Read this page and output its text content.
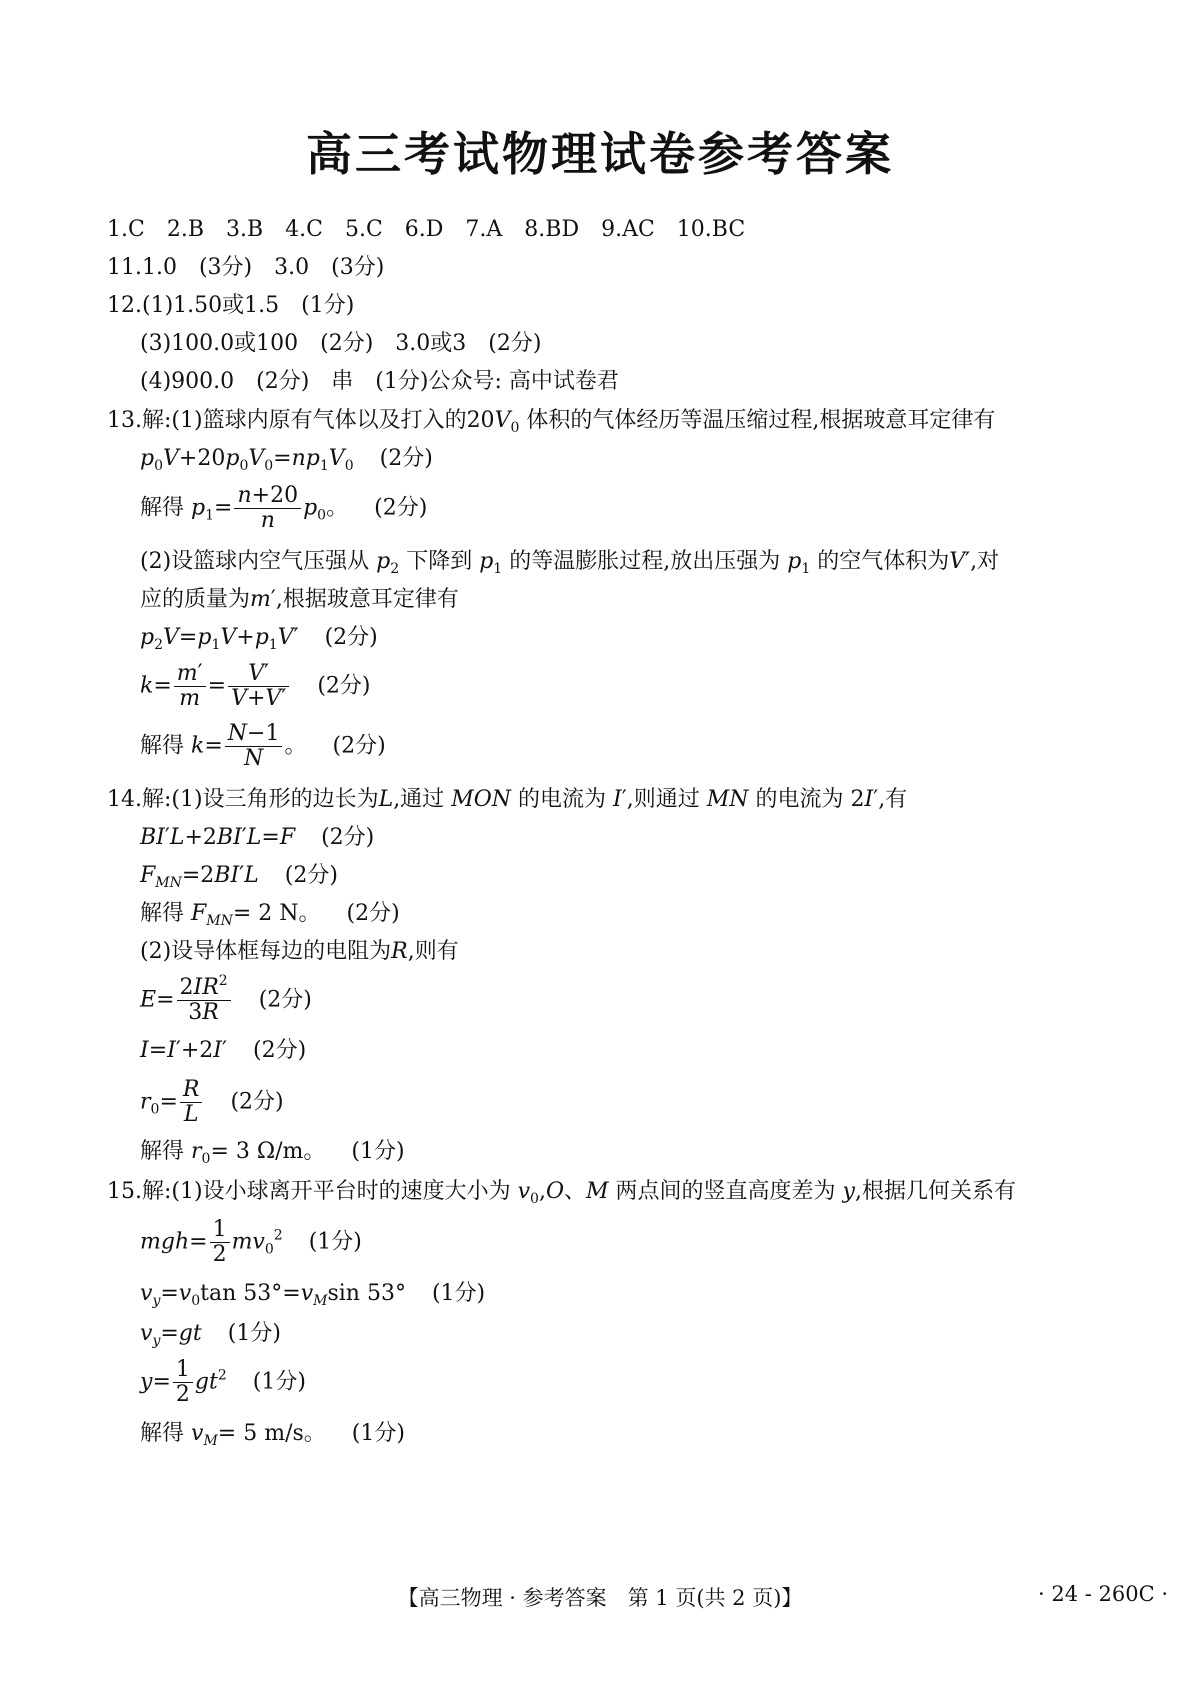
高三考试物理试卷参考答案
1.C　2.B　3.B　4.C　5.C　6.D　7.A　8.BD　9.AC　10.BC
11.1.0　(3分)　3.0　(3分)
12.(1)1.50或1.5　(1分)
(3)100.0或100　(2分)　3.0或3　(2分)
(4)900.0　(2分)　串　(1分)公众号: 高中试卷君
13.解:(1)篮球内原有气体以及打入的$20V_0$ 体积的气体经历等温压缩过程,根据玻意耳定律有
$p_0V+20p_0V_0=np_1V_0$ (2分)
解得 $p_1= \frac{n+20}{n} p_0$。 (2分)
(2)设篮球内空气压强从 $p_2$ 下降到 $p_1$ 的等温膨胀过程,放出压强为 $p_1$ 的空气体积为V′,对
应的质量为m′,根据玻意耳定律有
$p_2V=p_1V+p_1V'$ (2分)
$k= \frac{m'}{m} = \frac{V'}{V+V'} (2$分)
解得 $k= \frac{N-1}{N}$ 。 (2分)
14.解:(1)设三角形的边长为L,通过 MON 的电流为 I′,则通过 MN 的电流为 2I′,有
BI′L+2BI′L=F (2分)
$F_{MN}=2BI'L$ (2分)
解得 $F_{MN}= 2$ N。 (2分)
(2)设导体框每边的电阻为R,则有
$E= \frac{2IR^2}{3R} (2$分)
I=I′+2I′ (2分)
$r_0= \frac{R}{L} (2$分)
解得 $r_0= 3$ Ω/m。 (1分)
15.解:(1)设小球离开平台时的速度大小为 $v_0,O$、M 两点间的竖直高度差为 y,根据几何关系有
$mgh= \frac{1}{2} mv_0^2$ (1分)
$v_y=v_0\tan$ $53^\circ=v_M\sin$ 53° (1分)
$v_y=gt$ (1分)
$y= \frac{1}{2} gt^2$ (1分)
解得 $v_M= 5$ m/s。 (1分)
【高三物理 · 参考答案　第 1 页(共 2 页)】	· 24 - 260C ·
